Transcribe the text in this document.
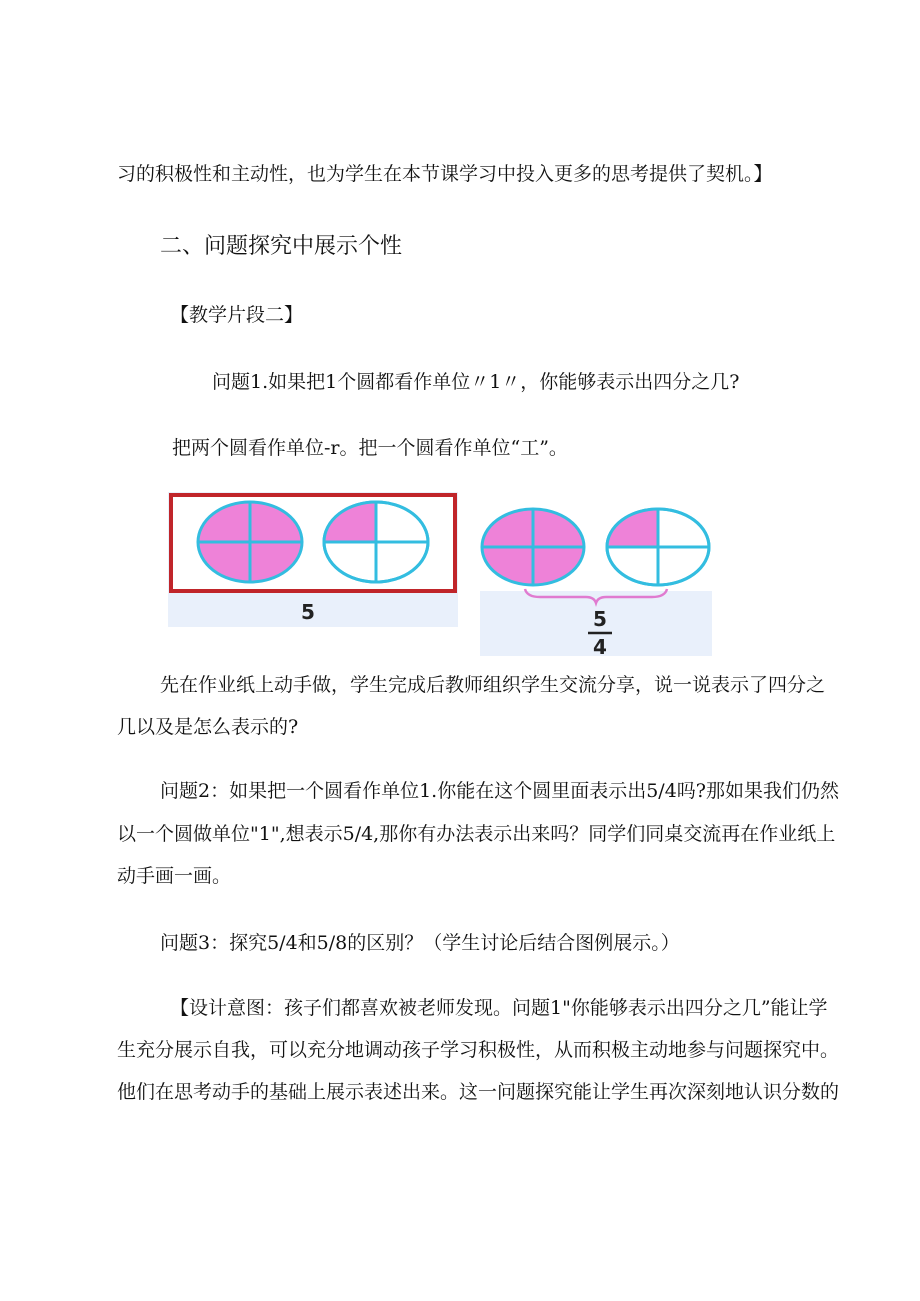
习的积极性和主动性，也为学生在本节课学习中投入更多的思考提供了契机。】
二、问题探究中展示个性
【教学片段二】
问题1.如果把1个圆都看作单位〃1〃，你能够表示出四分之几?
把两个圆看作单位-r。把一个圆看作单位“工”。
5	5
4
先在作业纸上动手做，学生完成后教师组织学生交流分享，说一说表示了四分之
几以及是怎么表示的?
问题2：如果把一个圆看作单位1.你能在这个圆里面表示出5/4吗?那如果我们仍然
以一个圆做单位"1",想表示5/4,那你有办法表示出来吗？同学们同桌交流再在作业纸上
动手画一画。
问题3：探究5/4和5/8的区别？（学生讨论后结合图例展示。）
【设计意图：孩子们都喜欢被老师发现。问题1"你能够表示出四分之几”能让学
生充分展示自我，可以充分地调动孩子学习积极性，从而积极主动地参与问题探究中。
他们在思考动手的基础上展示表述出来。这一问题探究能让学生再次深刻地认识分数的
